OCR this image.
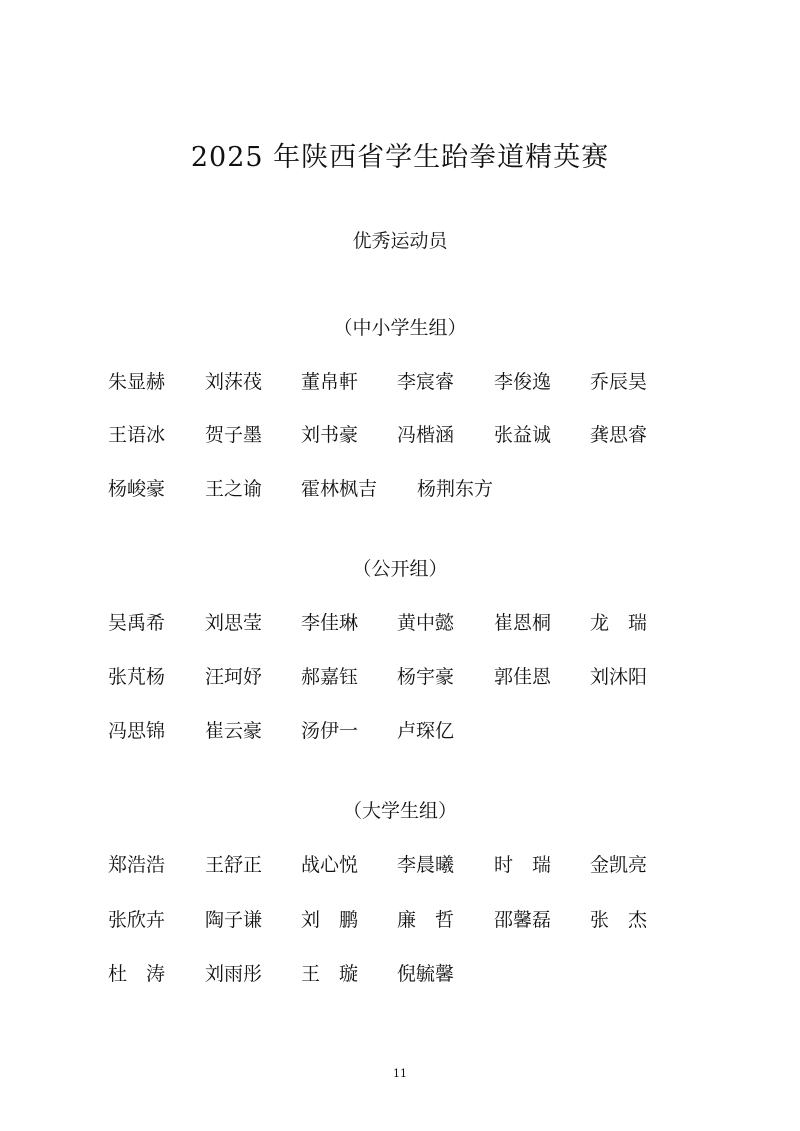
2025 年陕西省学生跆拳道精英赛
优秀运动员
（中小学生组）
朱显赫	刘莯茷	董帛軒	李宸睿	李俊逸	乔辰昊
王语冰	贺子墨	刘书豪	冯楷涵	张益诚	龚思睿
杨峻豪	王之谕	霍林枫吉	杨荆东方
（公开组）
吴禹希	刘思莹	李佳琳	黄中懿	崔恩桐	龙　瑞
张芃杨	汪珂妤	郝嘉钰	杨宇豪	郭佳恩	刘沐阳
冯思锦	崔云豪	汤伊一	卢琛亿
（大学生组）
郑浩浩	王舒正	战心悦	李晨曦	时　瑞	金凯亮
张欣卉	陶子谦	刘　鹏	廉　哲	邵馨磊	张　杰
杜　涛	刘雨彤	王　璇	倪毓馨
11
